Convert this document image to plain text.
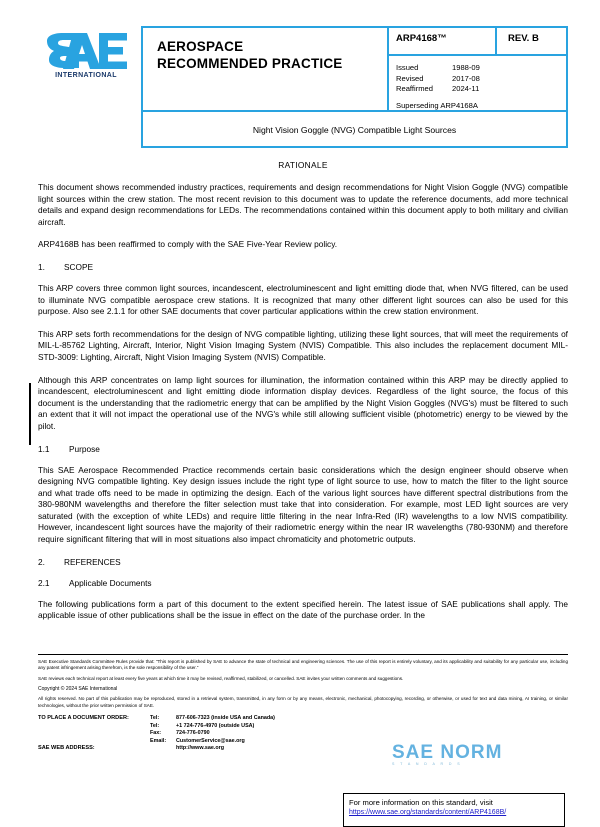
INTERNATIONAL
AEROSPACE
RECOMMENDED PRACTICE
ARP4168™	REV. B
Issued	1988-09
Revised	2017-08
Reaffirmed	2024-11
Superseding ARP4168A
Night Vision Goggle (NVG) Compatible Light Sources
RATIONALE

This document shows recommended industry practices, requirements and design recommendations for Night Vision Goggle (NVG) compatible light sources within the crew station. The most recent revision to this document was to update the reference documents, add more technical details and expand design recommendations for LEDs. The recommendations contained within this document apply to both military and civilian aircraft.

ARP4168B has been reaffirmed to comply with the SAE Five-Year Review policy.

1. SCOPE

This ARP covers three common light sources, incandescent, electroluminescent and light emitting diode that, when NVG filtered, can be used to illuminate NVG compatible aerospace crew stations. It is recognized that many other different light sources can also be used for this purpose. Also see 2.1.1 for other SAE documents that cover particular applications within the crew station environment.

This ARP sets forth recommendations for the design of NVG compatible lighting, utilizing these light sources, that will meet the requirements of MIL-L-85762 Lighting, Aircraft, Interior, Night Vision Imaging System (NVIS) Compatible. This also includes the replacement document MIL-STD-3009: Lighting, Aircraft, Night Vision Imaging System (NVIS) Compatible.

Although this ARP concentrates on lamp light sources for illumination, the information contained within this ARP may be directly applied to incandescent, electroluminescent and light emitting diode information display devices. Regardless of the light source, the focus of this document is the understanding that the radiometric energy that can be amplified by the Night Vision Goggles (NVG's) must be filtered to such an extent that it will not impact the operational use of the NVG's while still allowing sufficient visible (photometric) energy to be viewed by the pilot.

1.1 Purpose

This SAE Aerospace Recommended Practice recommends certain basic considerations which the design engineer should observe when designing NVG compatible lighting. Key design issues include the right type of light source to use, how to match the filter to the light source and what trade offs need to be made in optimizing the design. Each of the various light sources have different spectral distributions from the 380-980NM wavelengths and therefore the filter selection must take that into consideration. For example, most LED light sources are very saturated (with the exception of white LEDs) and require little filtering in the near Infra-Red (IR) wavelengths to a low NVIS compatibility. However, incandescent light sources have the majority of their radiometric energy within the near IR wavelengths (780-930NM) and therefore require significant filtering that will in most situations also impact chromaticity and photometric outputs.

2. REFERENCES
2.1 Applicable Documents

The following publications form a part of this document to the extent specified herein. The latest issue of SAE publications shall apply. The applicable issue of other publications shall be the issue in effect on the date of the purchase order. In the

SAE Executive Standards Committee Rules provide that: “This report is published by SAE to advance the state of technical and engineering sciences. The use of this report is entirely voluntary, and its applicability and suitability for any particular use, including any patent infringement arising therefrom, is the sole responsibility of the user.”

SAE reviews each technical report at least every five years at which time it may be revised, reaffirmed, stabilized, or cancelled. SAE invites your written comments and suggestions.

Copyright © 2024 SAE International

All rights reserved. No part of this publication may be reproduced, stored in a retrieval system, transmitted, in any form or by any means, electronic, mechanical, photocopying, recording, or otherwise, or used for text and data mining, AI training, or similar technologies, without the prior written permission of SAE.

TO PLACE A DOCUMENT ORDER:	Tel:	877-606-7323 (inside USA and Canada)
Tel:	+1 724-776-4970 (outside USA)
Fax:	724-776-0790
Email:	CustomerService@sae.org
SAE WEB ADDRESS:	http://www.sae.org
For more information on this standard, visit
https://www.sae.org/standards/content/ARP4168B/
SAE NORM
S T A N D A R D S
